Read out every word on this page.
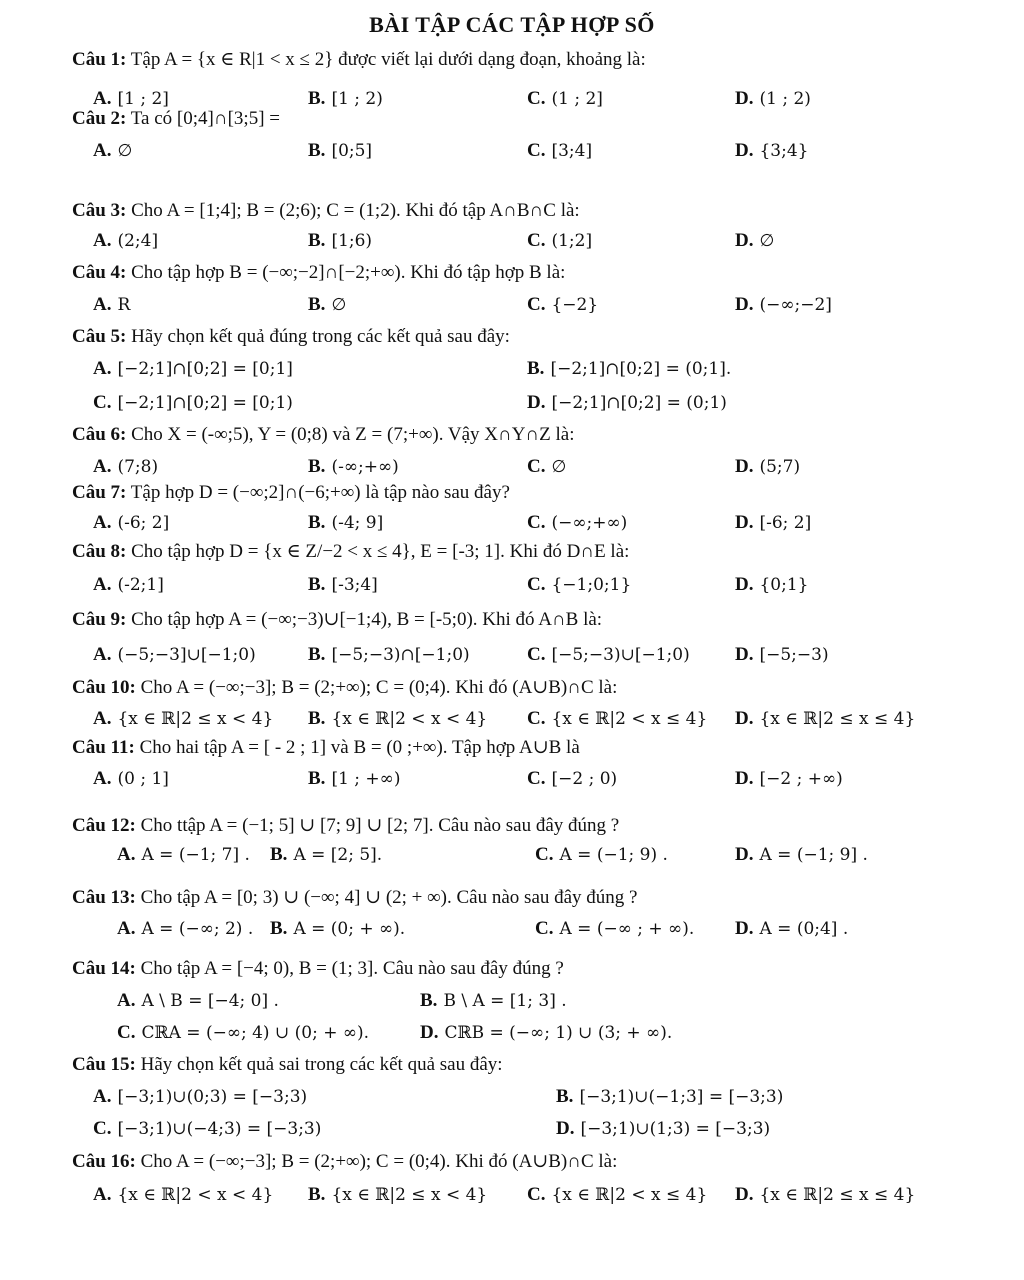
BÀI TẬP CÁC TẬP HỢP SỐ
Câu 1: Tập A = {x ∈ R|1 < x ≤ 2} được viết lại dưới dạng đoạn, khoảng là:
A. [1 ; 2]	B. [1 ; 2)	C. (1 ; 2]	D. (1 ; 2)
Câu 2: Ta có [0;4]∩[3;5] =
A. ∅	B. [0;5]	C. [3;4]	D. {3;4}
Câu 3: Cho A = [1;4]; B = (2;6); C = (1;2). Khi đó tập A∩B∩C là:
A. (2;4]	B. [1;6)	C. (1;2]	D. ∅
Câu 4: Cho tập hợp B = (−∞;−2]∩[−2;+∞). Khi đó tập hợp B là:
A. R	B. ∅	C. {−2}	D. (−∞;−2]
Câu 5: Hãy chọn kết quả đúng trong các kết quả sau đây:
A. [−2;1]∩[0;2] = [0;1]	B. [−2;1]∩[0;2] = (0;1].
C. [−2;1]∩[0;2] = [0;1)	D. [−2;1]∩[0;2] = (0;1)
Câu 6: Cho X = (-∞;5), Y = (0;8) và Z = (7;+∞). Vậy X∩Y∩Z là:
A. (7;8)	B. (-∞;+∞)	C. ∅	D. (5;7)
Câu 7: Tập hợp D = (−∞;2]∩(−6;+∞) là tập nào sau đây?
A. (-6; 2]	B. (-4; 9]	C. (−∞;+∞)	D. [-6; 2]
Câu 8: Cho tập hợp D = {x ∈ Z/−2 < x ≤ 4}, E = [-3; 1]. Khi đó D∩E là:
A. (-2;1]	B. [-3;4]	C. {−1;0;1}	D. {0;1}
Câu 9: Cho tập hợp A = (−∞;−3)∪[−1;4), B = [-5;0). Khi đó A∩B là:
A. (−5;−3]∪[−1;0)	B. [−5;−3)∩[−1;0)	C. [−5;−3)∪[−1;0) D. [−5;−3)
Câu 10: Cho A = (−∞;−3]; B = (2;+∞); C = (0;4). Khi đó (A∪B)∩C là:
A. {x ∈ ℝ|2 ≤ x < 4} B. {x ∈ ℝ|2 < x < 4} C. {x ∈ ℝ|2 < x ≤ 4} D. {x ∈ ℝ|2 ≤ x ≤ 4}
Câu 11: Cho hai tập A = [ - 2 ; 1] và B = (0 ;+∞). Tập hợp A∪B là
A. (0 ; 1]	B. [1 ; +∞)	C. [−2 ; 0)	D. [−2 ; +∞)
Câu 12: Cho ttập A = (−1; 5] ∪ [7; 9] ∪ [2; 7]. Câu nào sau đây đúng ?
A. A = (−1; 7] . B. A = [2; 5].	C. A = (−1; 9) .	D. A = (−1; 9] .
Câu 13: Cho tập A = [0; 3) ∪ (−∞; 4] ∪ (2; + ∞). Câu nào sau đây đúng ?
A. A = (−∞; 2) . B. A = (0; + ∞).	C. A = (−∞ ; + ∞). D. A = (0;4] .
Câu 14: Cho tập A = [−4; 0), B = (1; 3]. Câu nào sau đây đúng ?
A. A \ B = [−4; 0] .	B. B \ A = [1; 3] .
C. CℝA = (−∞; 4) ∪ (0; + ∞).	D. CℝB = (−∞; 1) ∪ (3; + ∞).
Câu 15: Hãy chọn kết quả sai trong các kết quả sau đây:
A. [−3;1)∪(0;3) = [−3;3)	B. [−3;1)∪(−1;3] = [−3;3)
C. [−3;1)∪(−4;3) = [−3;3)	D. [−3;1)∪(1;3) = [−3;3)
Câu 16: Cho A = (−∞;−3]; B = (2;+∞); C = (0;4). Khi đó (A∪B)∩C là:
A. {x ∈ ℝ|2 < x < 4} B. {x ∈ ℝ|2 ≤ x < 4} C. {x ∈ ℝ|2 < x ≤ 4} D. {x ∈ ℝ|2 ≤ x ≤ 4}
